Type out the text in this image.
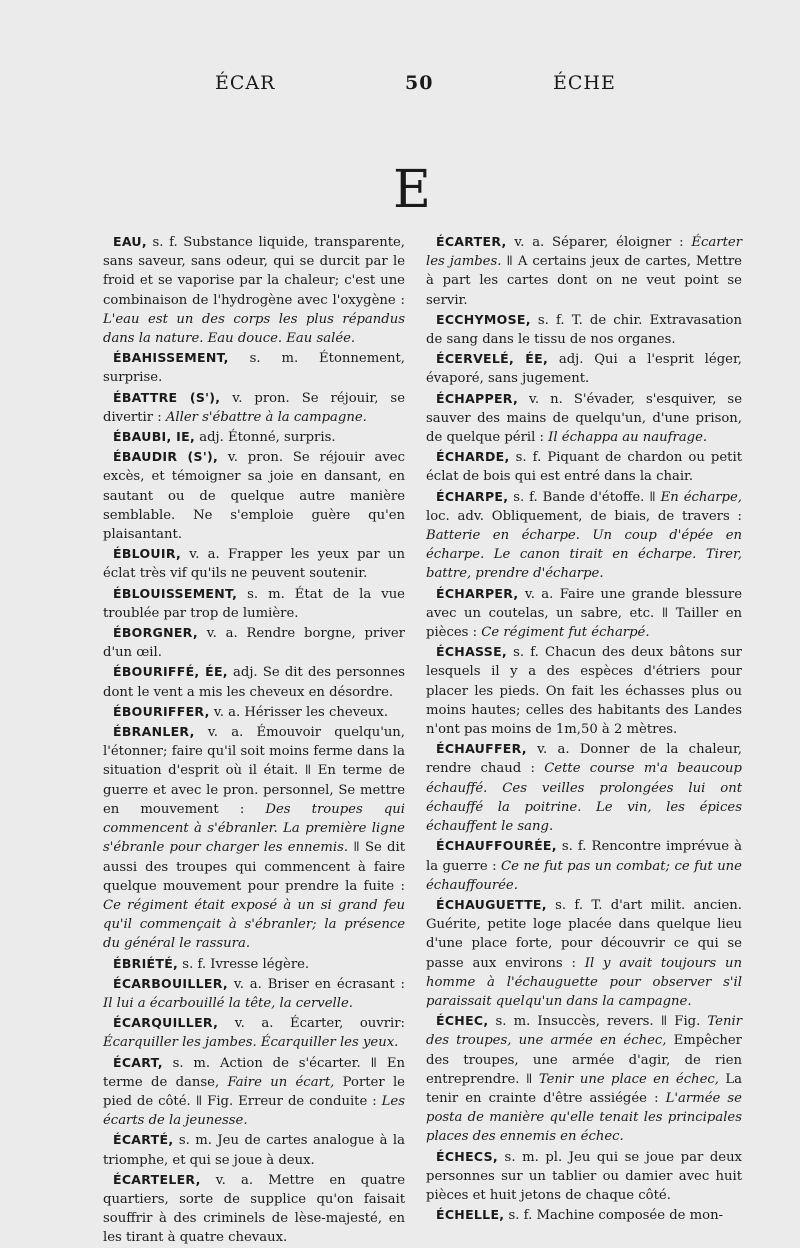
ÉCAR	50	ÉCHE
E

EAU, s. f. Substance liquide, transparente, sans saveur, sans odeur, qui se durcit par le froid et se vaporise par la chaleur; c'est une combinaison de l'hydrogène avec l'oxygène : L'eau est un des corps les plus répandus dans la nature. Eau douce. Eau salée.

ÉBAHISSEMENT, s. m. Étonnement, surprise.

ÉBATTRE (S'), v. pron. Se réjouir, se divertir : Aller s'ébattre à la campagne.

ÉBAUBI, IE, adj. Étonné, surpris.

ÉBAUDIR (S'), v. pron. Se réjouir avec excès, et témoigner sa joie en dansant, en sautant ou de quelque autre manière semblable. Ne s'emploie guère qu'en plaisantant.

ÉBLOUIR, v. a. Frapper les yeux par un éclat très vif qu'ils ne peuvent soutenir.

ÉBLOUISSEMENT, s. m. État de la vue troublée par trop de lumière.

ÉBORGNER, v. a. Rendre borgne, priver d'un œil.

ÉBOURIFFÉ, ÉE, adj. Se dit des personnes dont le vent a mis les cheveux en désordre.

ÉBOURIFFER, v. a. Hérisser les cheveux.

ÉBRANLER, v. a. Émouvoir quelqu'un, l'étonner; faire qu'il soit moins ferme dans la situation d'esprit où il était. ǁ En terme de guerre et avec le pron. personnel, Se mettre en mouvement : Des troupes qui commencent à s'ébranler. La première ligne s'ébranle pour charger les ennemis. ǁ Se dit aussi des troupes qui commencent à faire quelque mouvement pour prendre la fuite : Ce régiment était exposé à un si grand feu qu'il commençait à s'ébranler; la présence du général le rassura.

ÉBRIÉTÉ, s. f. Ivresse légère.

ÉCARBOUILLER, v. a. Briser en écrasant : Il lui a écarbouillé la tête, la cervelle.

ÉCARQUILLER, v. a. Écarter, ouvrir: Écarquiller les jambes. Écarquiller les yeux.

ÉCART, s. m. Action de s'écarter. ǁ En terme de danse, Faire un écart, Porter le pied de côté. ǁ Fig. Erreur de conduite : Les écarts de la jeunesse.

ÉCARTÉ, s. m. Jeu de cartes analogue à la triomphe, et qui se joue à deux.

ÉCARTELER, v. a. Mettre en quatre quartiers, sorte de supplice qu'on faisait souffrir à des criminels de lèse-majesté, en les tirant à quatre chevaux.

ÉCARTER, v. a. Séparer, éloigner : Écarter les jambes. ǁ A certains jeux de cartes, Mettre à part les cartes dont on ne veut point se servir.

ECCHYMOSE, s. f. T. de chir. Extravasation de sang dans le tissu de nos organes.

ÉCERVELÉ, ÉE, adj. Qui a l'esprit léger, évaporé, sans jugement.

ÉCHAPPER, v. n. S'évader, s'esquiver, se sauver des mains de quelqu'un, d'une prison, de quelque péril : Il échappa au naufrage.

ÉCHARDE, s. f. Piquant de chardon ou petit éclat de bois qui est entré dans la chair.

ÉCHARPE, s. f. Bande d'étoffe. ǁ En écharpe, loc. adv. Obliquement, de biais, de travers : Batterie en écharpe. Un coup d'épée en écharpe. Le canon tirait en écharpe. Tirer, battre, prendre d'écharpe.

ÉCHARPER, v. a. Faire une grande blessure avec un coutelas, un sabre, etc. ǁ Tailler en pièces : Ce régiment fut écharpé.

ÉCHASSE, s. f. Chacun des deux bâtons sur lesquels il y a des espèces d'étriers pour placer les pieds. On fait les échasses plus ou moins hautes; celles des habitants des Landes n'ont pas moins de 1m,50 à 2 mètres.

ÉCHAUFFER, v. a. Donner de la chaleur, rendre chaud : Cette course m'a beaucoup échauffé. Ces veilles prolongées lui ont échauffé la poitrine. Le vin, les épices échauffent le sang.

ÉCHAUFFOURÉE, s. f. Rencontre imprévue à la guerre : Ce ne fut pas un combat; ce fut une échauffourée.

ÉCHAUGUETTE, s. f. T. d'art milit. ancien. Guérite, petite loge placée dans quelque lieu d'une place forte, pour découvrir ce qui se passe aux environs : Il y avait toujours un homme à l'échauguette pour observer s'il paraissait quelqu'un dans la campagne.

ÉCHEC, s. m. Insuccès, revers. ǁ Fig. Tenir des troupes, une armée en échec, Empêcher des troupes, une armée d'agir, de rien entreprendre. ǁ Tenir une place en échec, La tenir en crainte d'être assiégée : L'armée se posta de manière qu'elle tenait les principales places des ennemis en échec.

ÉCHECS, s. m. pl. Jeu qui se joue par deux personnes sur un tablier ou damier avec huit pièces et huit jetons de chaque côté.

ÉCHELLE, s. f. Machine composée de mon-
